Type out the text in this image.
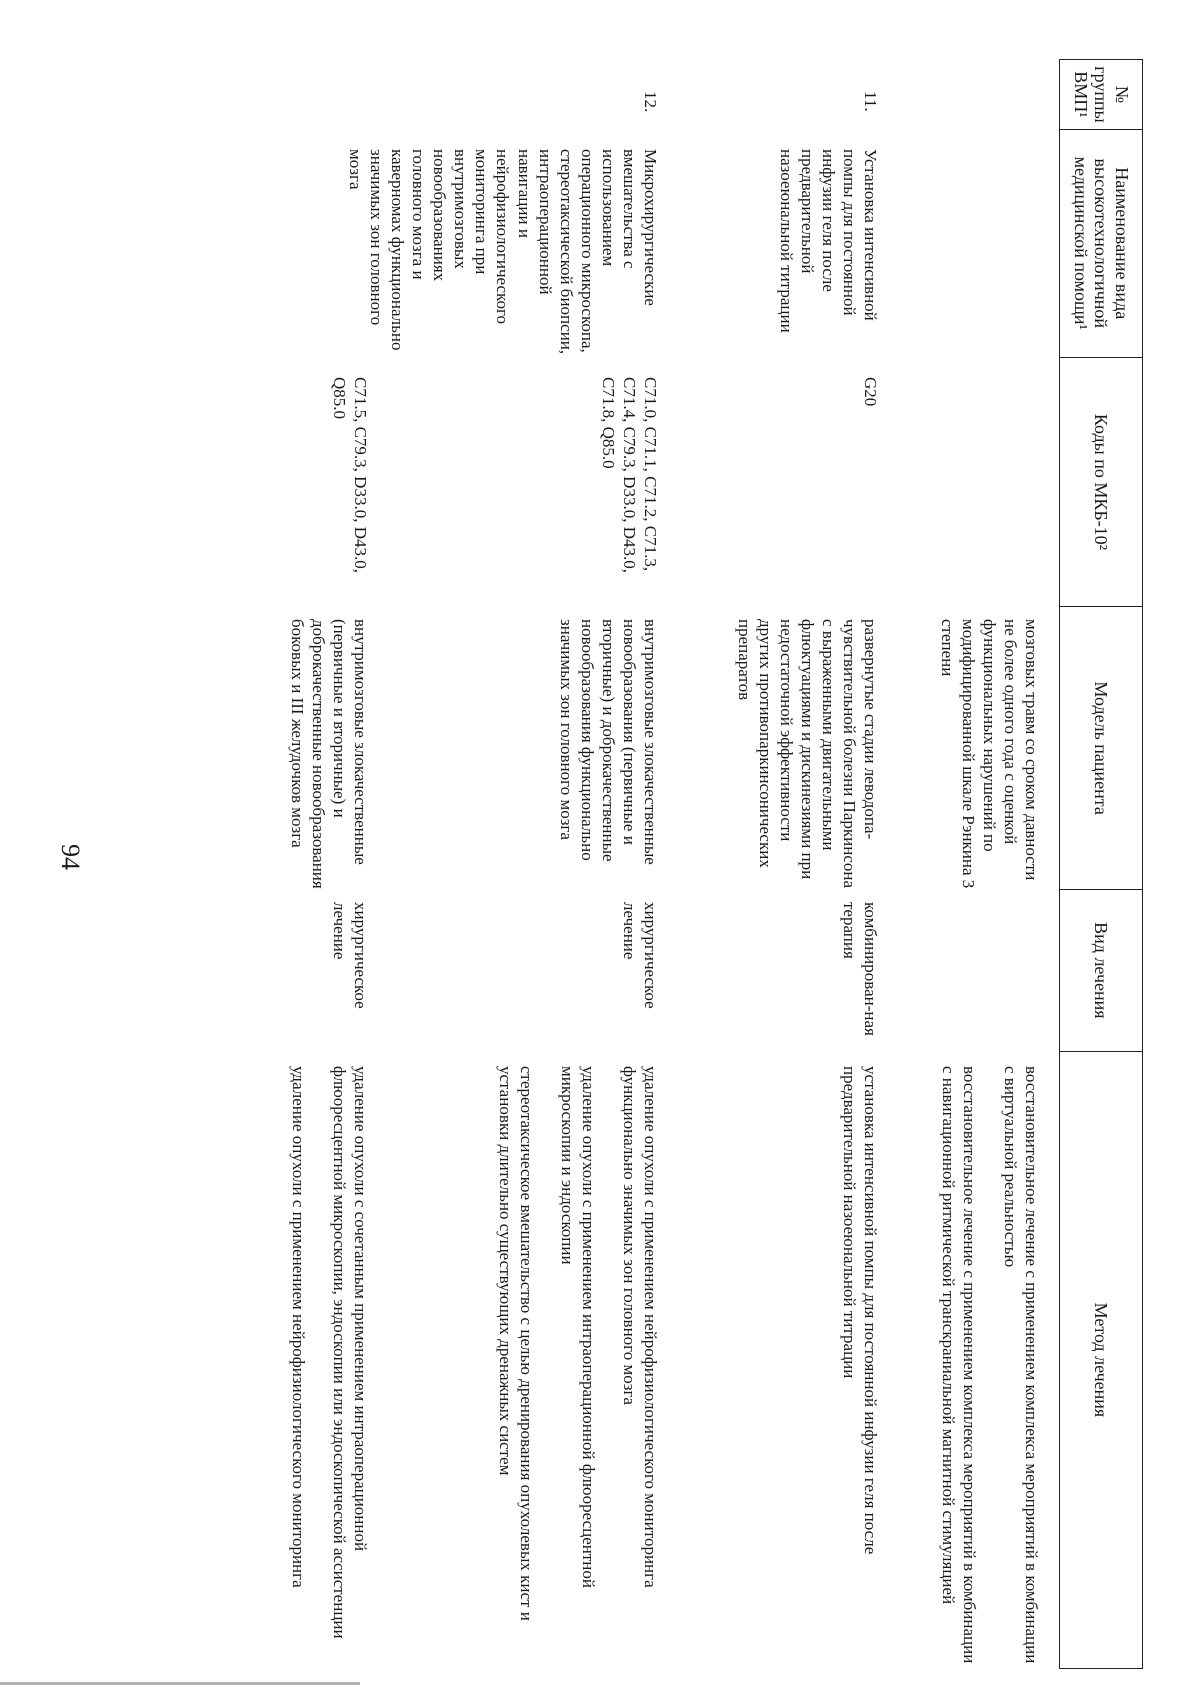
94
№ группы ВМП¹
Наименование вида высокотехнологичной медицинской помощи¹
Коды по МКБ-10²
Модель пациента
Вид лечения
Метод лечения
мозговых травм со сроком давности не более одного года с оценкой функциональных нарушений по модифицированной шкале Рэнкина 3 степени
восстановительное лечение с применением комплекса мероприятий в комбинации с виртуальной реальностью
восстановительное лечение с применением комплекса мероприятий в комбинации с навигационной ритмической транскраниальной магнитной стимуляцией
11.
Установка интенсивной помпы для постоянной инфузии геля после предварительной назоеюнальной титрации
G20
развернутые стадии леводопа-чувствительной болезни Паркинсона с выраженными двигательными флюктуациями и дискинезиями при недостаточной эффективности других противопаркинсонических препаратов
комбинирован-ная терапия
установка интенсивной помпы для постоянной инфузии геля после предварительной назоеюнальной титрации
12.
Микрохирургические вмешательства с использованием операционного микроскопа, стереотаксической биопсии, интраоперационной навигации и нейрофизиологического мониторинга при внутримозговых новообразованиях головного мозга и каверномах функционально значимых зон головного мозга
C71.0, C71.1, C71.2, C71.3, C71.4, C79.3, D33.0, D43.0, C71.8, Q85.0
внутримозговые злокачественные новообразования (первичные и вторичные) и доброкачественные новообразования функционально значимых зон головного мозга
хирургическое лечение
удаление опухоли с применением нейрофизиологического мониторинга функционально значимых зон головного мозга
удаление опухоли с применением интраоперационной флюоресцентной микроскопии и эндоскопии
стереотаксическое вмешательство с целью дренирования опухолевых кист и установки длительно существующих дренажных систем
C71.5, C79.3, D33.0, D43.0, Q85.0
внутримозговые злокачественные (первичные и вторичные) и доброкачественные новообразования боковых и III желудочков мозга
хирургическое лечение
удаление опухоли с сочетанным применением интраоперационной флюоресцентной микроскопии, эндоскопии или эндоскопической ассистенции
удаление опухоли с применением нейрофизиологического мониторинга
